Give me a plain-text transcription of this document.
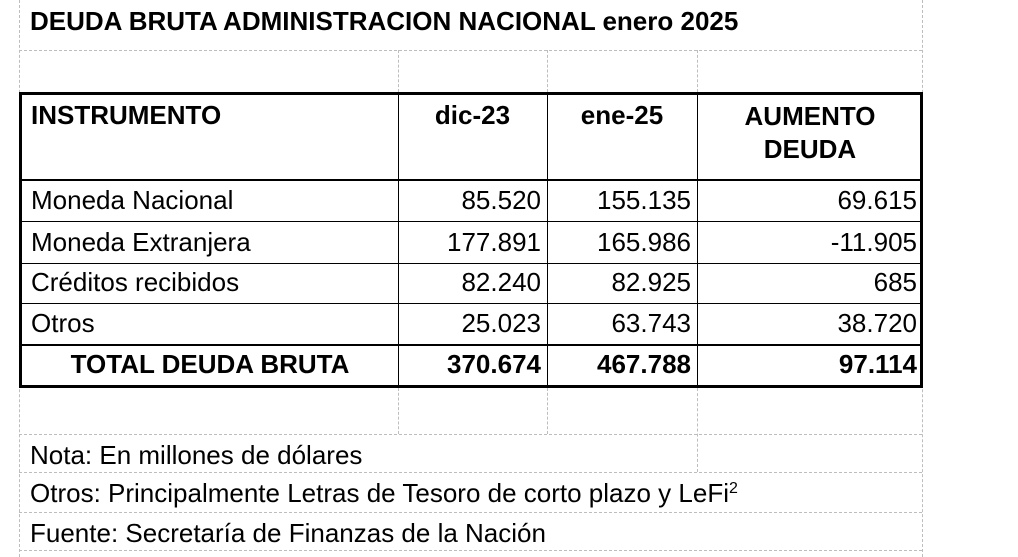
DEUDA BRUTA ADMINISTRACION NACIONAL enero 2025
INSTRUMENTO	dic-23	ene-25	AUMENTO
DEUDA
Moneda Nacional	85.520	155.135	69.615
Moneda Extranjera	177.891	165.986	-11.905
Créditos recibidos	82.240	82.925	685
Otros	25.023	63.743	38.720
TOTAL DEUDA BRUTA	370.674	467.788	97.114
Nota: En millones de dólares
Otros: Principalmente Letras de Tesoro de corto plazo y LeFi$^2$
Fuente: Secretaría de Finanzas de la Nación
